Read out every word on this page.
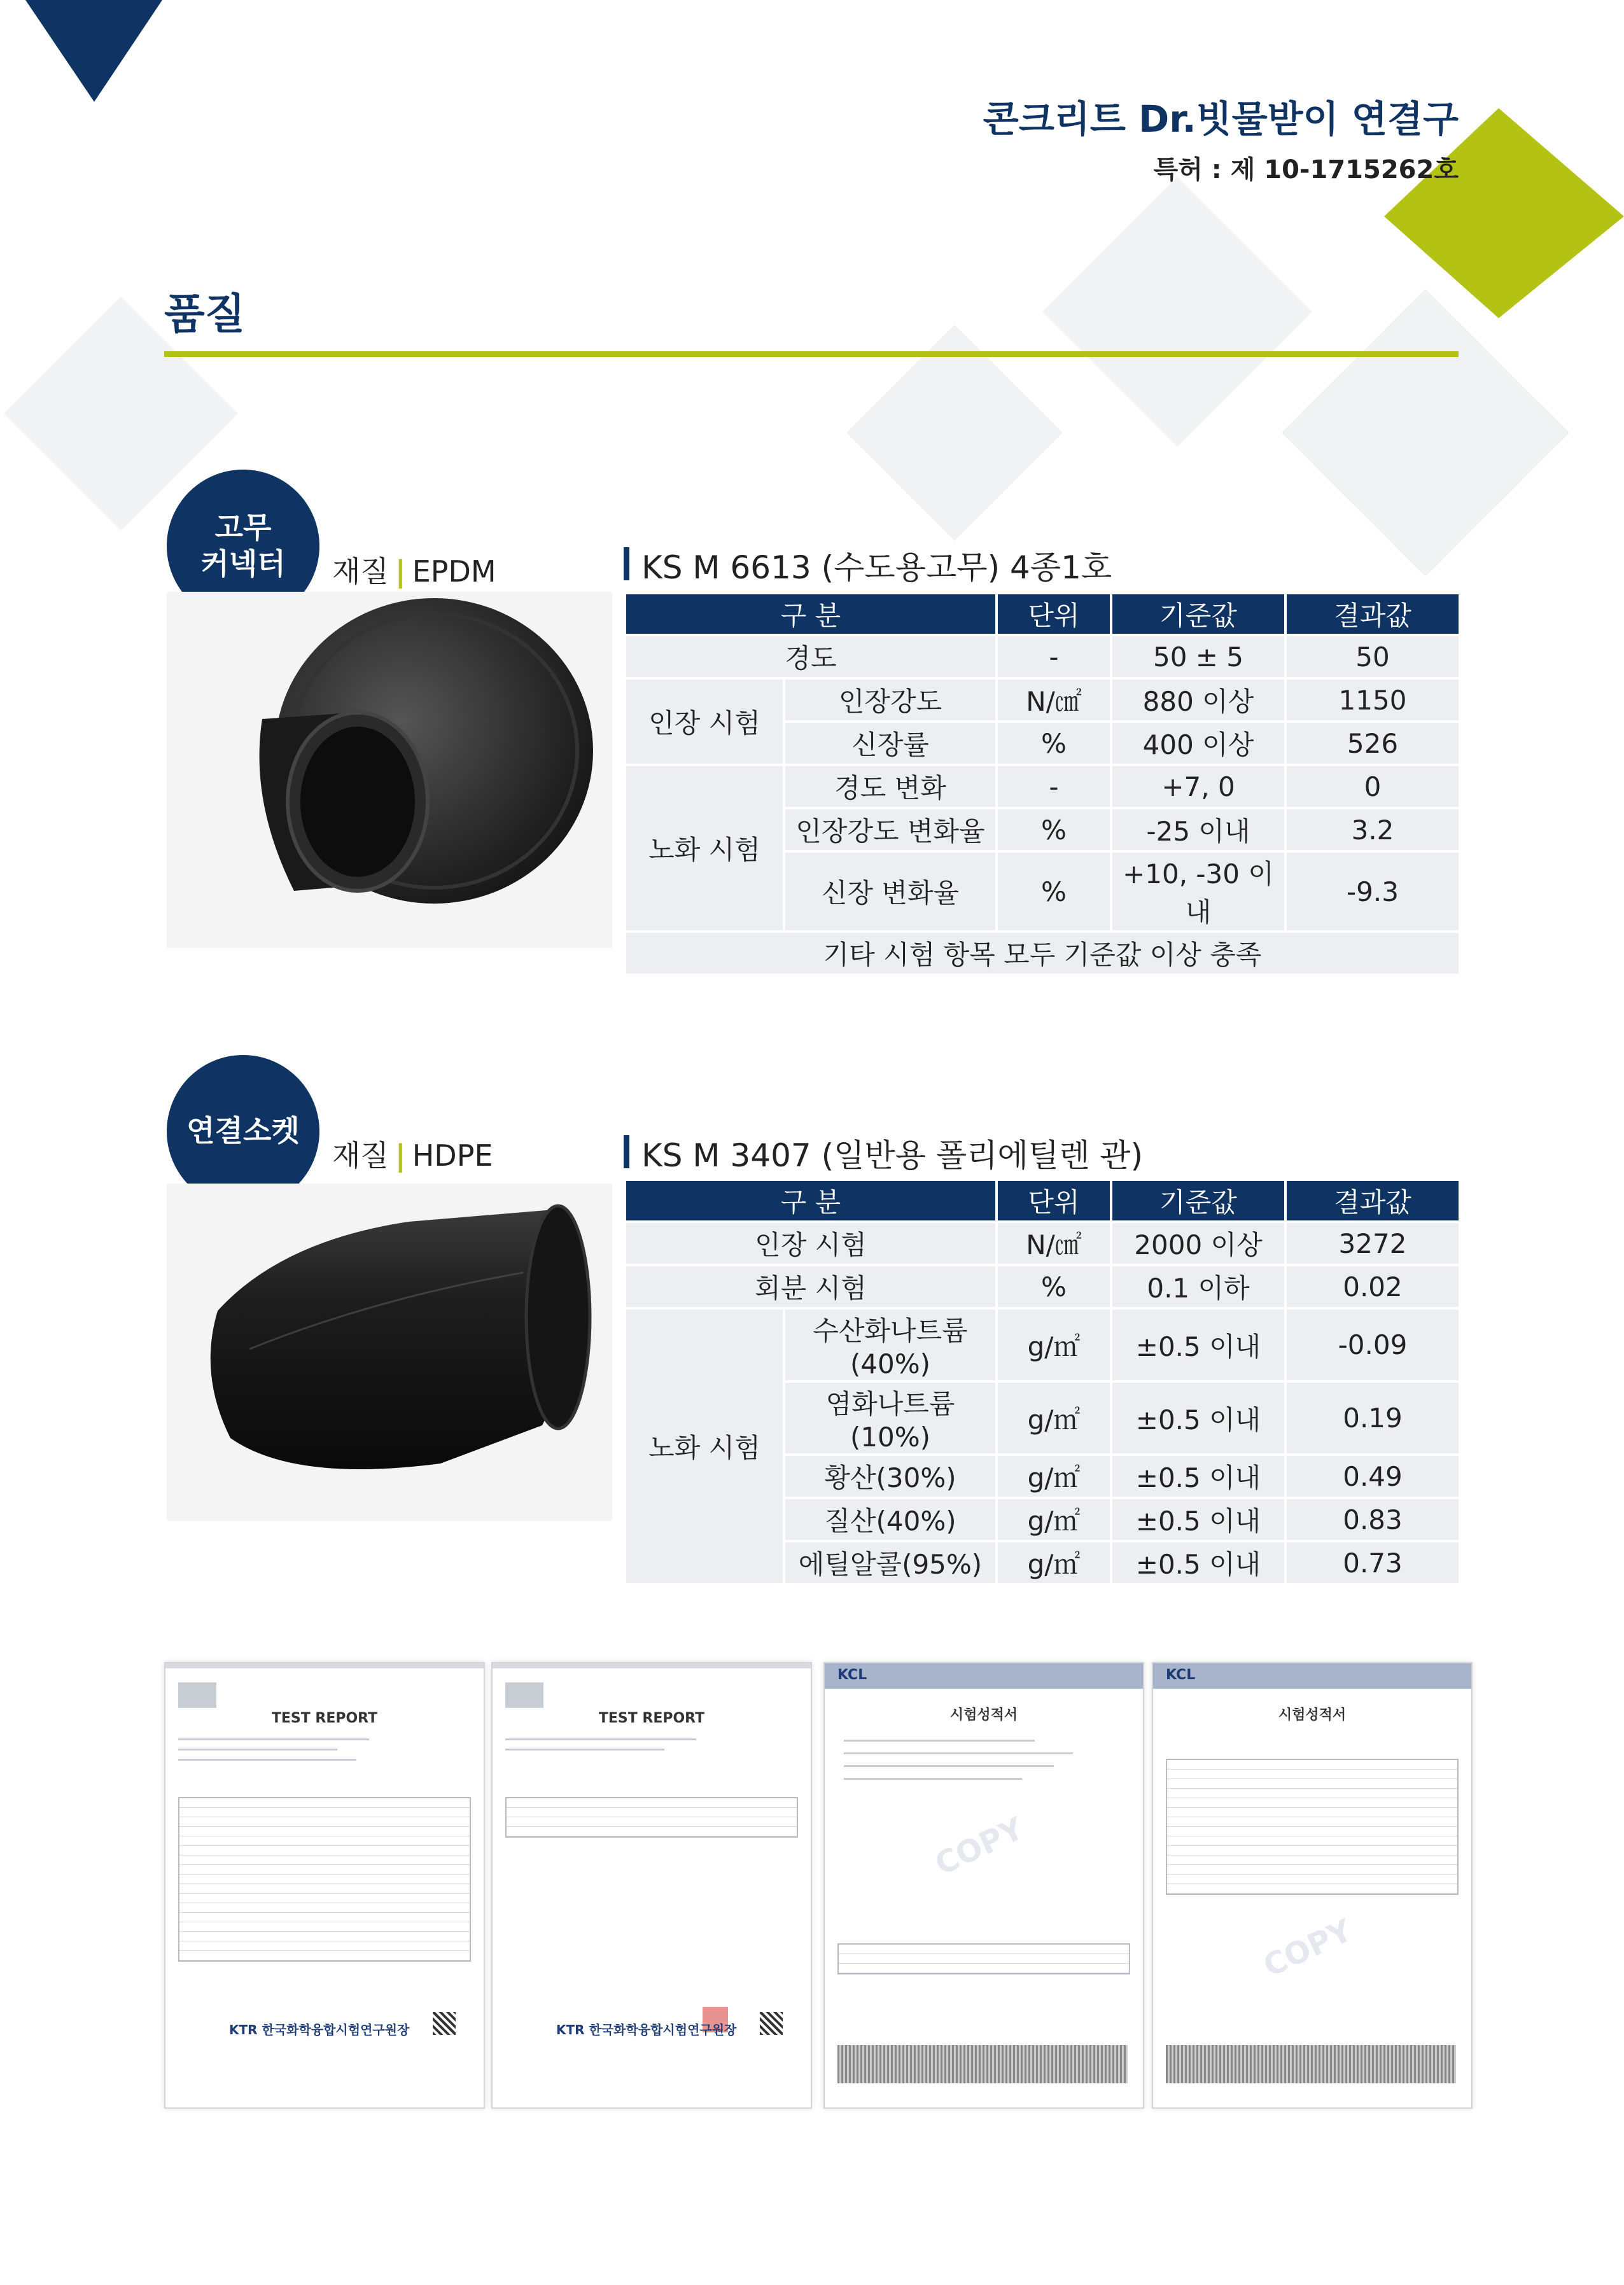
콘크리트 Dr.빗물받이 연결구
특허 : 제 10-1715262호
품질
고무
커넥터	재질 | EPDM	KS M 6613 (수도용고무) 4종1호
구 분		단위	기준값	결과값
경도		-	50 ± 5	50
인장 시험	인장강도	N/㎠	880 이상	1150
	신장률	%	400 이상	526
노화 시험	경도 변화	-	+7, 0	0
	인장강도 변화율	%	-25 이내	3.2
	신장 변화율	%	+10, -30 이내	-9.3
기타 시험 항목 모두 기준값 이상 충족				
연결소켓
재질 | HDPE	KS M 3407 (일반용 폴리에틸렌 관)
구 분		단위	기준값	결과값
인장 시험		N/㎠	2000 이상	3272
회분 시험		%	0.1 이하	0.02
노화 시험	수산화나트륨(40%)	g/㎡	±0.5 이내	-0.09
	염화나트륨(10%)	g/㎡	±0.5 이내	0.19
	황산(30%)	g/㎡	±0.5 이내	0.49
	질산(40%)	g/㎡	±0.5 이내	0.83
	에틸알콜(95%)	g/㎡	±0.5 이내	0.73
TEST REPORT
KTR 한국화학융합시험연구원장
TEST REPORT
KTR 한국화학융합시험연구원장
KCL
시험성적서
COPY
KCL
시험성적서
COPY
